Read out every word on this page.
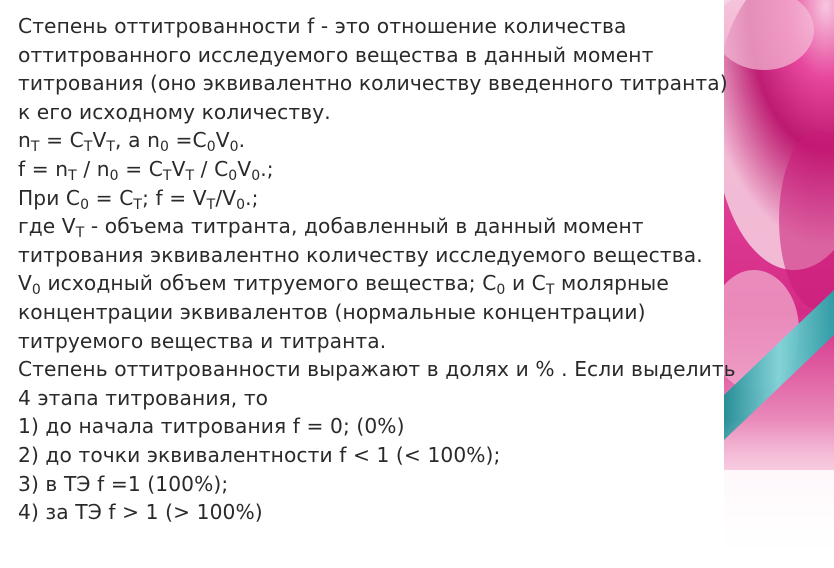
Степень оттитрованности f - это отношение количества
оттитрованного исследуемого вещества в данный момент
титрования (оно эквивалентно количеству введенного титранта)
к его исходному количеству.
$n_T = C_TV_T$, a $n_0 =C_0V_0$.
$f = n_T / n_0 = C_TV_T / C_0V_0$.;
При $C_0 = C_T$; $f = V_T/V_0$.;
где $V_T$ - объема титранта, добавленный в данный момент
титрования эквивалентно количеству исследуемого вещества.
$V_0$ исходный объем титруемого вещества; $C_0$ и $C_T$ молярные
концентрации эквивалентов (нормальные концентрации)
титруемого вещества и титранта.
Степень оттитрованности выражают в долях и % . Если выделить
4 этапа титрования, то
1) до начала титрования f = 0; (0%)
2) до точки эквивалентности f < 1 (< 100%);
3) в ТЭ f =1 (100%);
4) за ТЭ f > 1 (> 100%)
